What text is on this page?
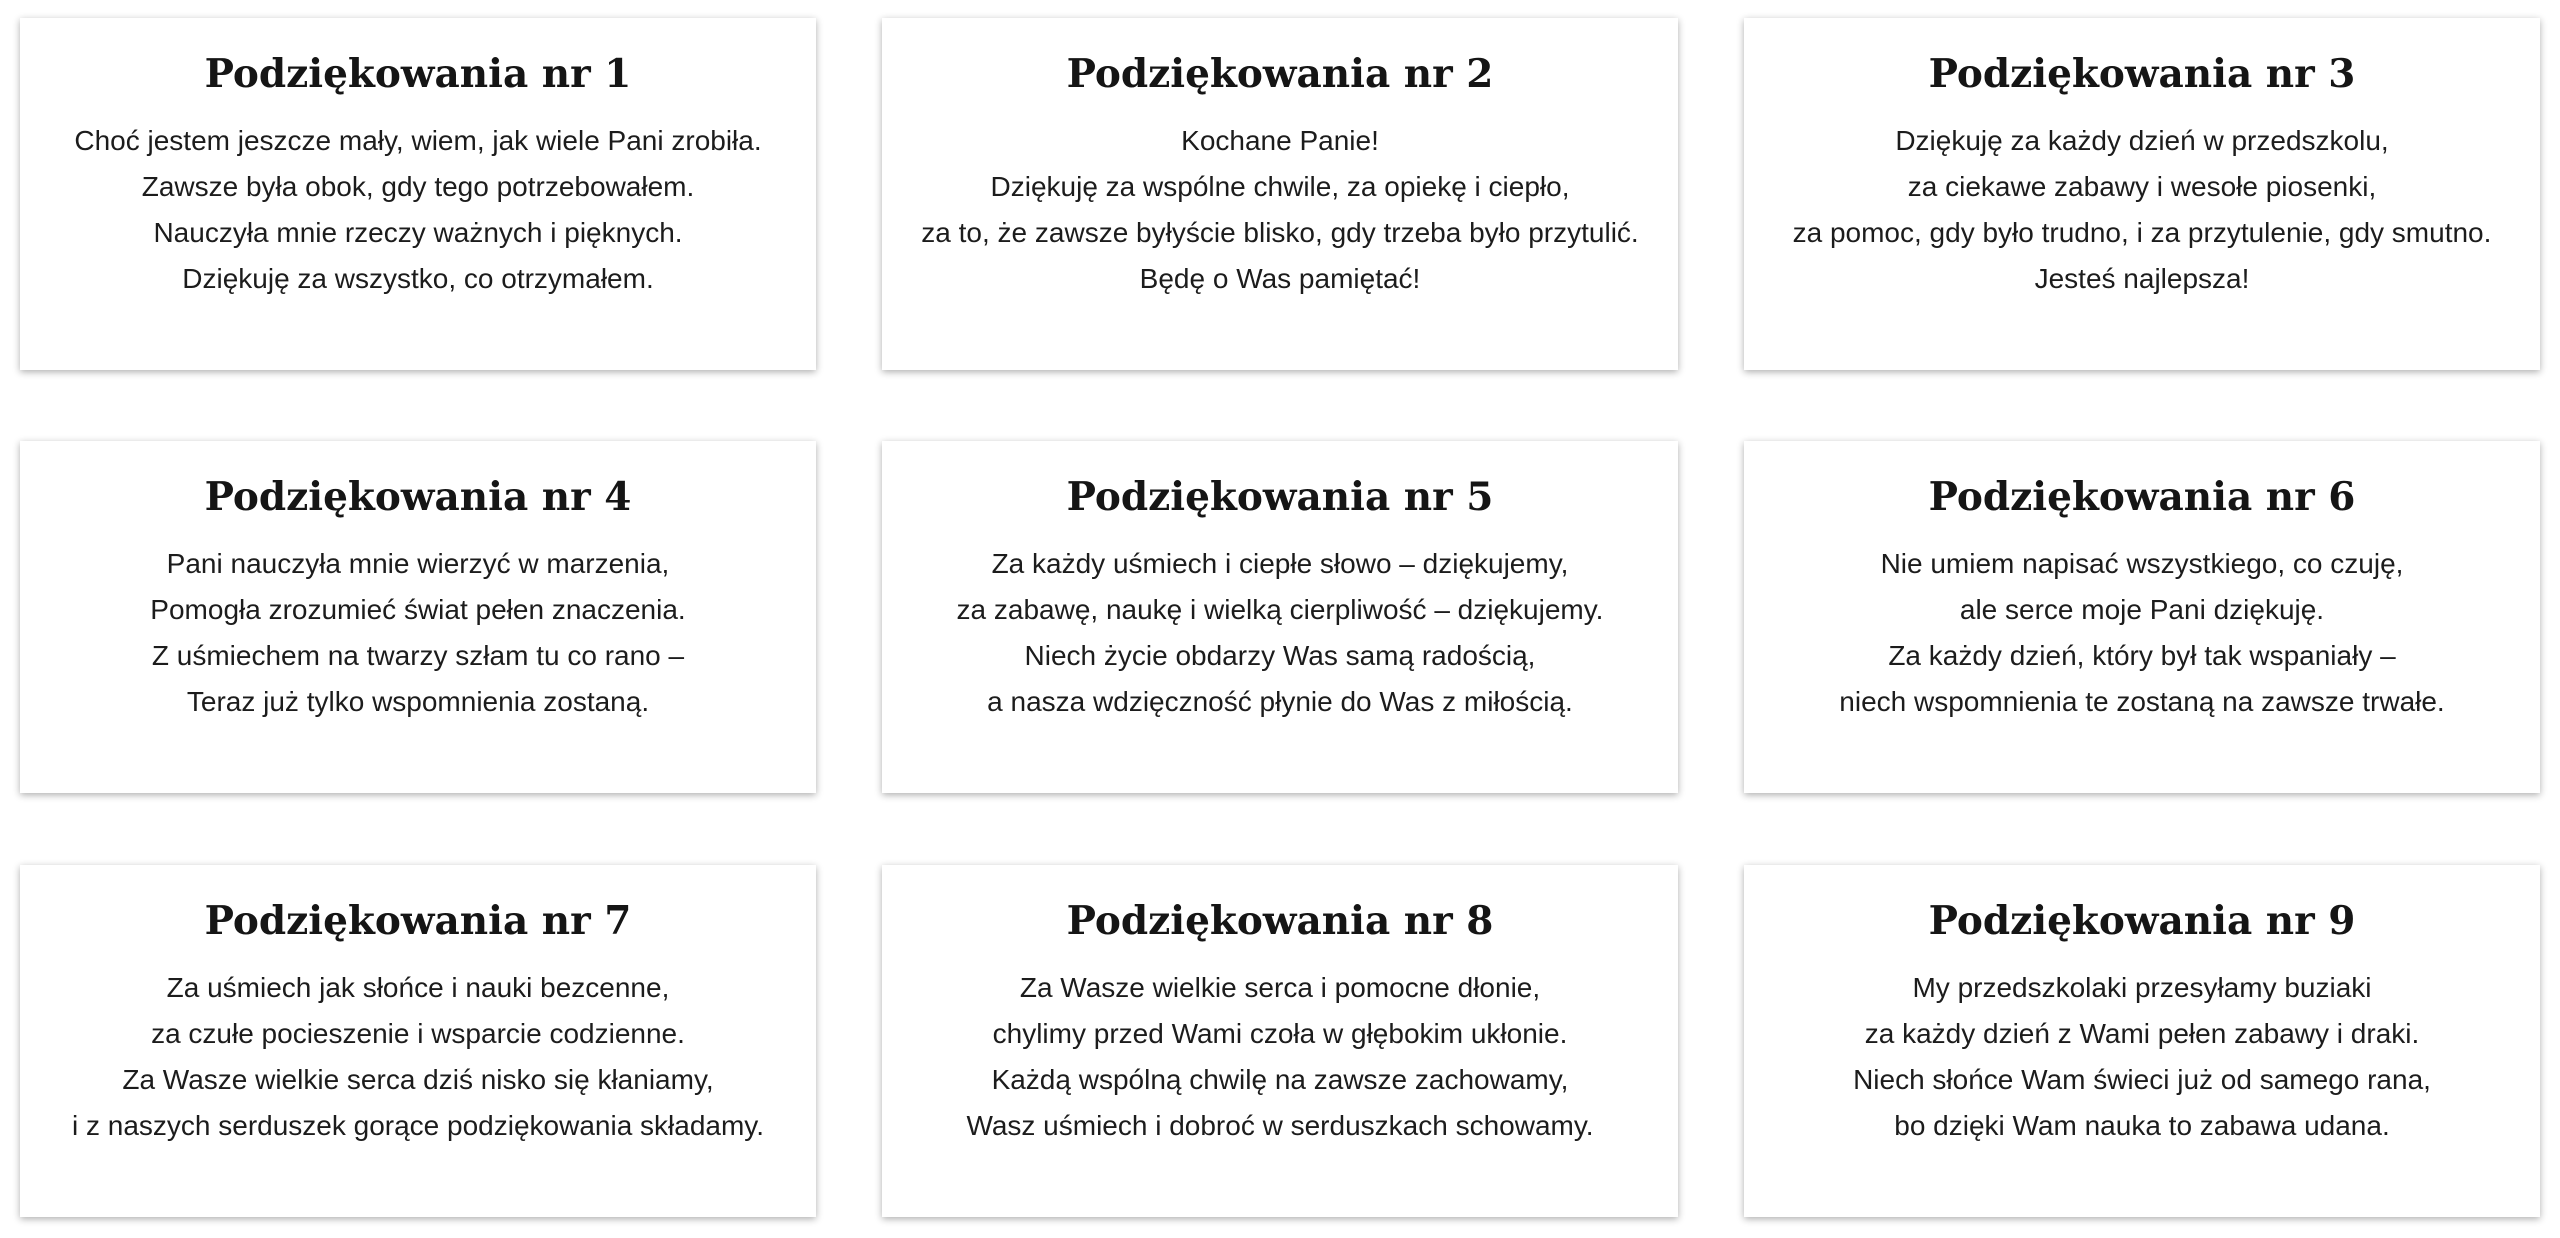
Podziękowania nr 1
Choć jestem jeszcze mały, wiem, jak wiele Pani zrobiła.
Zawsze była obok, gdy tego potrzebowałem.
Nauczyła mnie rzeczy ważnych i pięknych.
Dziękuję za wszystko, co otrzymałem.
Podziękowania nr 2
Kochane Panie!
Dziękuję za wspólne chwile, za opiekę i ciepło,
za to, że zawsze byłyście blisko, gdy trzeba było przytulić.
Będę o Was pamiętać!
Podziękowania nr 3
Dziękuję za każdy dzień w przedszkolu,
za ciekawe zabawy i wesołe piosenki,
za pomoc, gdy było trudno, i za przytulenie, gdy smutno.
Jesteś najlepsza!
Podziękowania nr 4
Pani nauczyła mnie wierzyć w marzenia,
Pomogła zrozumieć świat pełen znaczenia.
Z uśmiechem na twarzy szłam tu co rano –
Teraz już tylko wspomnienia zostaną.
Podziękowania nr 5
Za każdy uśmiech i ciepłe słowo – dziękujemy,
za zabawę, naukę i wielką cierpliwość – dziękujemy.
Niech życie obdarzy Was samą radością,
a nasza wdzięczność płynie do Was z miłością.
Podziękowania nr 6
Nie umiem napisać wszystkiego, co czuję,
ale serce moje Pani dziękuję.
Za każdy dzień, który był tak wspaniały –
niech wspomnienia te zostaną na zawsze trwałe.
Podziękowania nr 7
Za uśmiech jak słońce i nauki bezcenne,
za czułe pocieszenie i wsparcie codzienne.
Za Wasze wielkie serca dziś nisko się kłaniamy,
i z naszych serduszek gorące podziękowania składamy.
Podziękowania nr 8
Za Wasze wielkie serca i pomocne dłonie,
chylimy przed Wami czoła w głębokim ukłonie.
Każdą wspólną chwilę na zawsze zachowamy,
Wasz uśmiech i dobroć w serduszkach schowamy.
Podziękowania nr 9
My przedszkolaki przesyłamy buziaki
za każdy dzień z Wami pełen zabawy i draki.
Niech słońce Wam świeci już od samego rana,
bo dzięki Wam nauka to zabawa udana.
